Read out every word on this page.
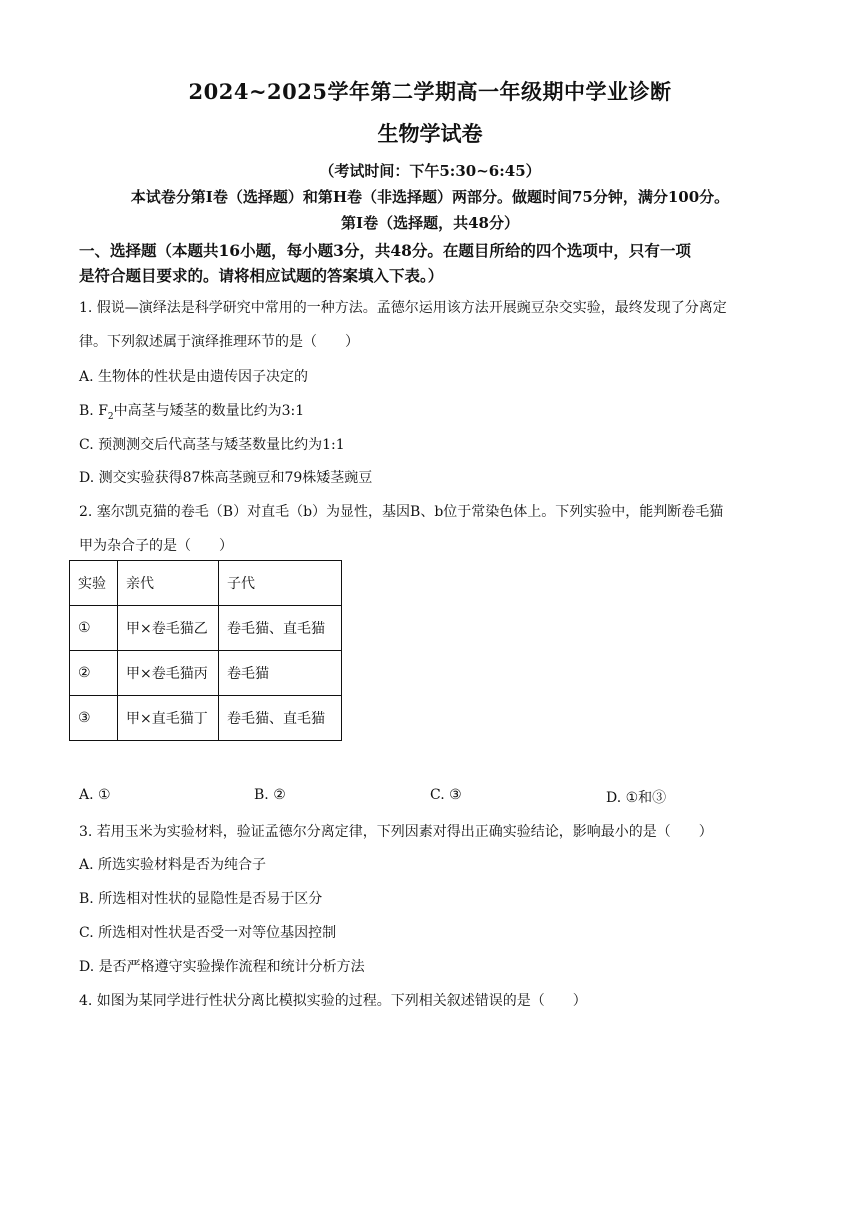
2024~2025学年第二学期高一年级期中学业诊断
生物学试卷
（考试时间：下午5:30~6:45）
本试卷分第I卷（选择题）和第H卷（非选择题）两部分。做题时间75分钟，满分100分。
第I卷（选择题，共48分）
一、选择题（本题共16小题，每小题3分，共48分。在题目所给的四个选项中，只有一项
是符合题目要求的。请将相应试题的答案填入下表。）
1. 假说—演绎法是科学研究中常用的一种方法。孟德尔运用该方法开展豌豆杂交实验，最终发现了分离定
律。下列叙述属于演绎推理环节的是（　　）
A. 生物体的性状是由遗传因子决定的
B. $F_2$中高茎与矮茎的数量比约为3:1
C. 预测测交后代高茎与矮茎数量比约为1:1
D. 测交实验获得87株高茎豌豆和79株矮茎豌豆
2. 塞尔凯克猫的卷毛（B）对直毛（b）为显性，基因B、b位于常染色体上。下列实验中，能判断卷毛猫
甲为杂合子的是（　　）
实验	亲代	子代
①	甲×卷毛猫乙	卷毛猫、直毛猫
②	甲×卷毛猫丙	卷毛猫
③	甲×直毛猫丁	卷毛猫、直毛猫
A. ①	B. ②	C. ③	D. ①和③
3. 若用玉米为实验材料，验证孟德尔分离定律，下列因素对得出正确实验结论，影响最小的是（　　）
A. 所选实验材料是否为纯合子
B. 所选相对性状的显隐性是否易于区分
C. 所选相对性状是否受一对等位基因控制
D. 是否严格遵守实验操作流程和统计分析方法
4. 如图为某同学进行性状分离比模拟实验的过程。下列相关叙述错误的是（　　）
